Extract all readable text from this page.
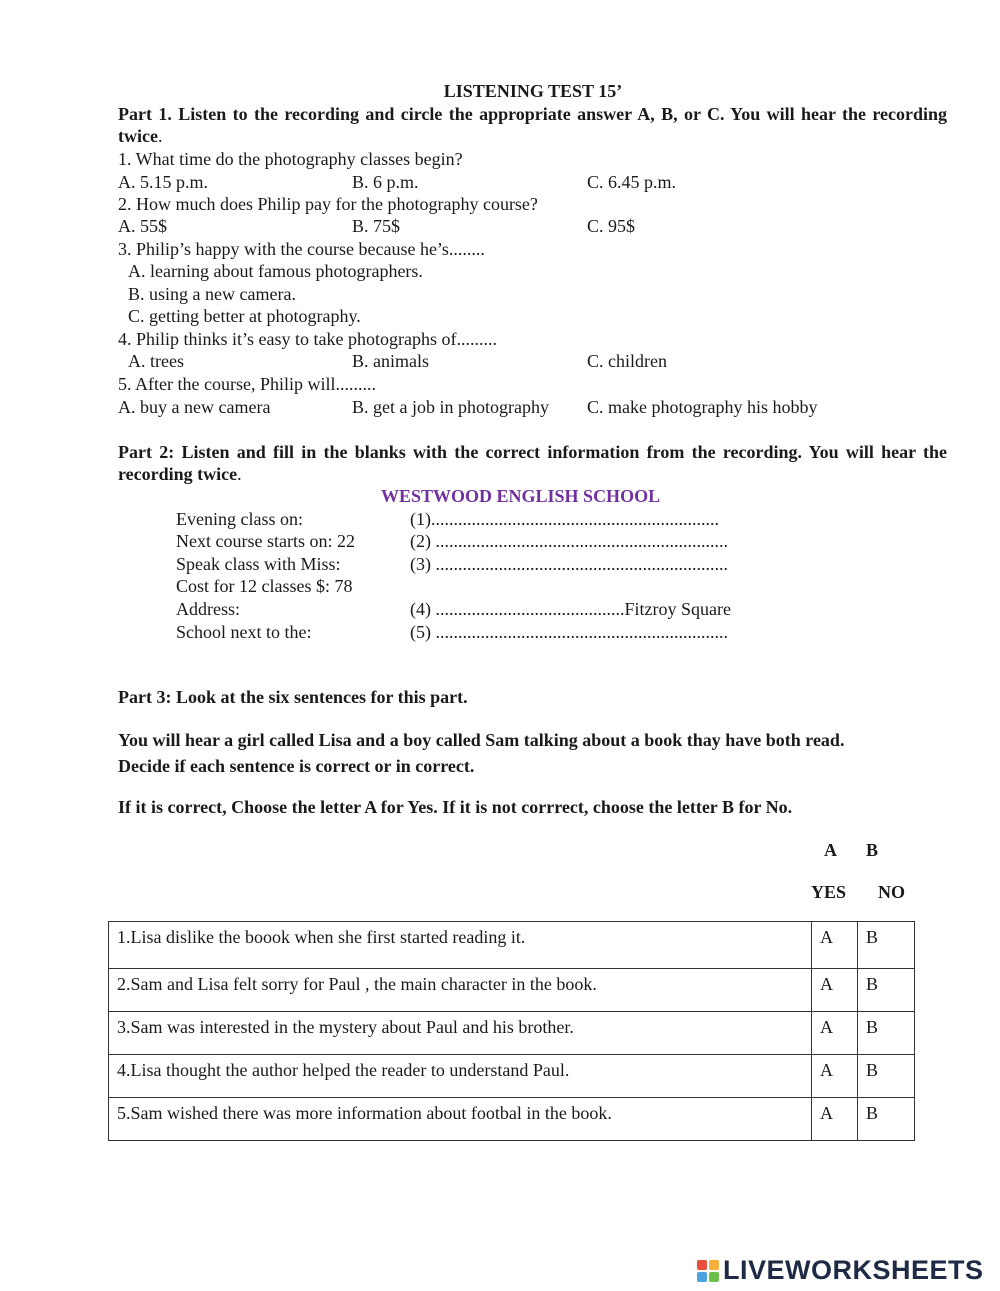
LISTENING TEST 15’
Part 1. Listen to the recording and circle the appropriate answer A, B, or C. You will hear the recording twice.
1. What time do the photography classes begin?
A. 5.15 p.m.	B. 6 p.m.	C. 6.45 p.m.
2. How much does Philip pay for the photography course?
A. 55$	B. 75$	C. 95$
3. Philip’s happy with the course because he’s........
A. learning about famous photographers.
B. using a new camera.
C. getting better at photography.
4. Philip thinks it’s easy to take photographs of.........
A. trees	B. animals	C. children
5. After the course, Philip will.........
A. buy a new camera	B. get a job in photography C. make photography his hobby
Part 2: Listen and fill in the blanks with the correct information from the recording. You will hear the recording twice.
WESTWOOD ENGLISH SCHOOL
Evening class on:	(1)................................................................
Next course starts on: 22	(2) .................................................................
Speak class with Miss:	(3) .................................................................
Cost for 12 classes $: 78
Address:	(4) ..........................................Fitzroy Square
School next to the:	(5) .................................................................
Part 3: Look at the six sentences for this part.
You will hear a girl called Lisa and a boy called Sam talking about a book thay have both read.
Decide if each sentence is correct or in correct.
If it is correct, Choose the letter A for Yes. If it is not corrrect, choose the letter B for No.
A B
YES NO
1.Lisa dislike the boook when she first started reading it.	A	B
2.Sam and Lisa felt sorry for Paul , the main character in the book.	A	B
3.Sam was interested in the mystery about Paul and his brother.	A	B
4.Lisa thought the author helped the reader to understand Paul.	A	B
5.Sam wished there was more information about footbal in the book.	A	B
LIVEWORKSHEETS
